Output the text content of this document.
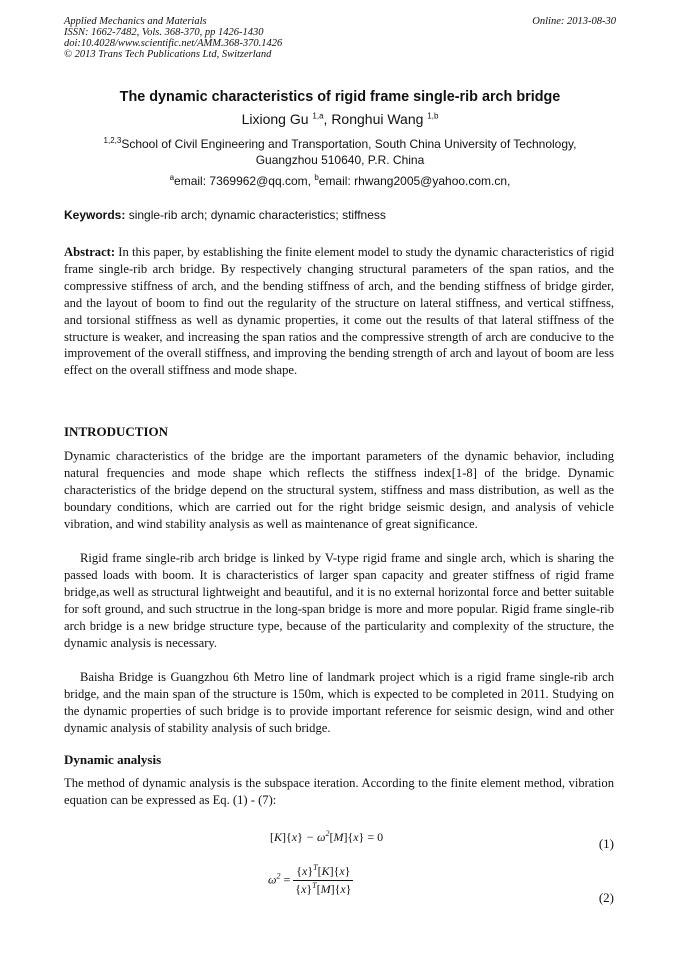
Applied Mechanics and Materials
ISSN: 1662-7482, Vols. 368-370, pp 1426-1430
doi:10.4028/www.scientific.net/AMM.368-370.1426
© 2013 Trans Tech Publications Ltd, Switzerland
Online: 2013-08-30
The dynamic characteristics of rigid frame single-rib arch bridge
Lixiong Gu $^{1,a}$, Ronghui Wang $^{1,b}$
$^{1,2,3}$School of Civil Engineering and Transportation, South China University of Technology,
Guangzhou 510640, P.R. China
$^a$email: 7369962@qq.com, $^b$email: rhwang2005@yahoo.com.cn,
Keywords: single-rib arch; dynamic characteristics; stiffness

Abstract: In this paper, by establishing the finite element model to study the dynamic characteristics of rigid frame single-rib arch bridge. By respectively changing structural parameters of the span ratios, and the compressive stiffness of arch, and the bending stiffness of arch, and the bending stiffness of bridge girder, and the layout of boom to find out the regularity of the structure on lateral stiffness, and vertical stiffness, and torsional stiffness as well as dynamic properties, it come out the results of that lateral stiffness of the structure is weaker, and increasing the span ratios and the compressive strength of arch are conducive to the improvement of the overall stiffness, and improving the bending strength of arch and layout of boom are less effect on the overall stiffness and mode shape.

INTRODUCTION

Dynamic characteristics of the bridge are the important parameters of the dynamic behavior, including natural frequencies and mode shape which reflects the stiffness index[1-8] of the bridge. Dynamic characteristics of the bridge depend on the structural system, stiffness and mass distribution, as well as the boundary conditions, which are carried out for the right bridge seismic design, and analysis of vehicle vibration, and wind stability analysis as well as maintenance of great significance.

Rigid frame single-rib arch bridge is linked by V-type rigid frame and single arch, which is sharing the passed loads with boom. It is characteristics of larger span capacity and greater stiffness of rigid frame bridge,as well as structural lightweight and beautiful, and it is no external horizontal force and better suitable for soft ground, and such structrue in the long-span bridge is more and more popular. Rigid frame single-rib arch bridge is a new bridge structure type, because of the particularity and complexity of the structure, the dynamic analysis is necessary.

Baisha Bridge is Guangzhou 6th Metro line of landmark project which is a rigid frame single-rib arch bridge, and the main span of the structure is 150m, which is expected to be completed in 2011. Studying on the dynamic properties of such bridge is to provide important reference for seismic design, wind and other dynamic analysis of stability analysis of such bridge.

Dynamic analysis

The method of dynamic analysis is the subspace iteration. According to the finite element method, vibration equation can be expressed as Eq. (1) - (7):

$[K]\{x\} - \omega^2[M]\{x\} = 0$	(1)
$\omega^2 = \frac{\{x\}^T[K]\{x\}}{\{x\}^T[M]\{x\}}$
(2)
